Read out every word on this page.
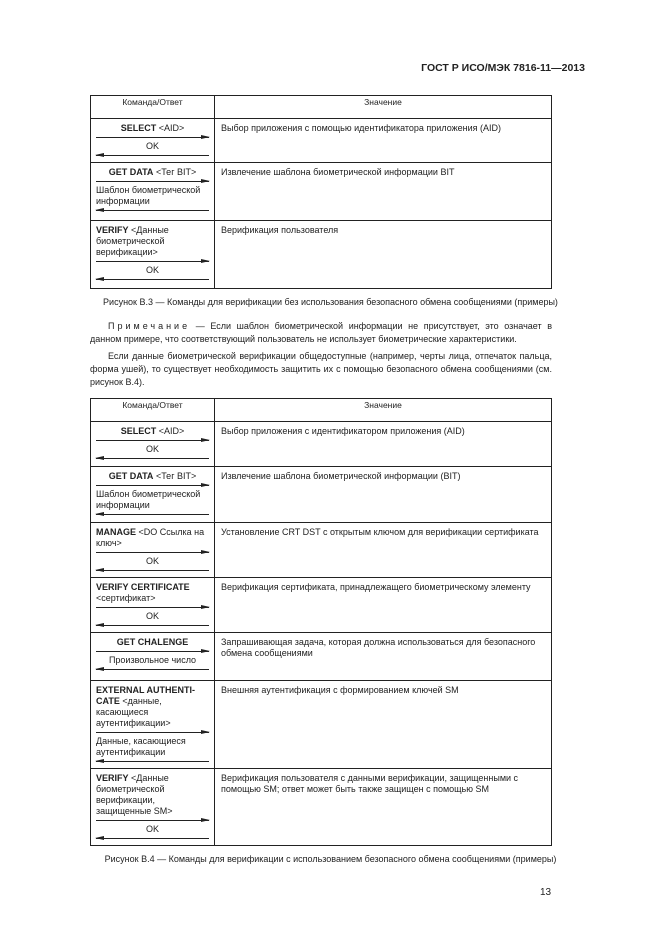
ГОСТ Р ИСО/МЭК 7816-11—2013
Команда/Ответ	Значение

SELECT <AID>
OK	Выбор приложения с помощью идентификатора приложения (AID)

GET DATA <Тег BIT>
Шаблон биометрической информации	Извлечение шаблона биометрической информации BIT

VERIFY <Данные биометрической верификации>
OK	Верификация пользователя
Рисунок В.3 — Команды для верификации без использования безопасного обмена сообщениями (примеры)
Примечание — Если шаблон биометрической информации не присутствует, это означает в данном примере, что соответствующий пользователь не использует биометрические характеристики.
Если данные биометрической верификации общедоступные (например, черты лица, отпечаток пальца, форма ушей), то существует необходимость защитить их с помощью безопасного обмена сообщениями (см. рисунок В.4).
Команда/Ответ	Значение

SELECT <AID>
OK	Выбор приложения с идентификатором приложения (AID)

GET DATA <Тег BIT>
Шаблон биометрической информации	Извлечение шаблона биометрической информации (BIT)

MANAGE <DO Ссылка на ключ>
OK	Установление CRT DST с открытым ключом для верификации сертификата

VERIFY CERTIFICATE <сертификат>
OK	Верификация сертификата, принадлежащего биометрическому элементу

GET CHALENGE
Произвольное число	Запрашивающая задача, которая должна использоваться для безопасного обмена сообщениями

EXTERNAL AUTHENTI-CATE <данные, касающиеся аутентификации>
Данные, касающиеся аутентификации	Внешняя аутентификация с формированием ключей SM

VERIFY <Данные биометрической верификации, защищенные SM>
OK	Верификация пользователя с данными верификации, защищенными с помощью SM; ответ может быть также защищен с помощью SM
Рисунок В.4 — Команды для верификации с использованием безопасного обмена сообщениями (примеры)
13
